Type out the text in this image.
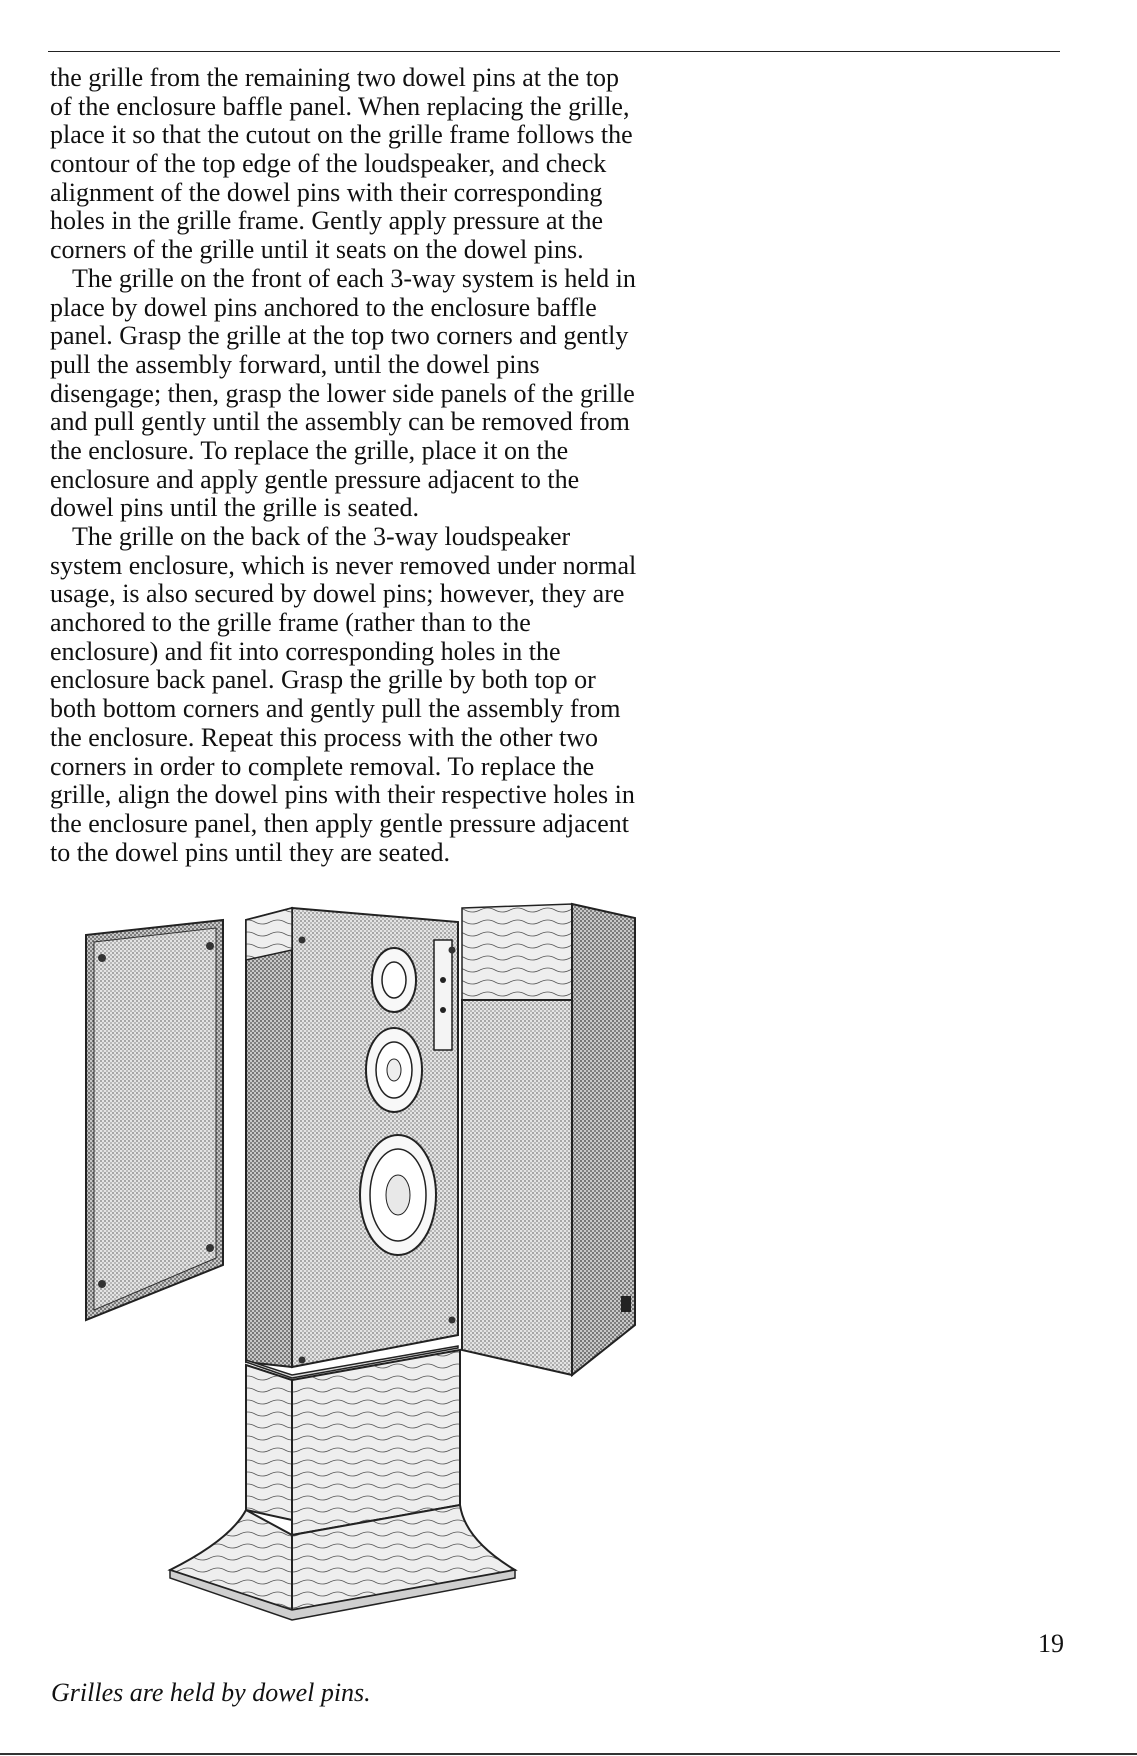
the grille from the remaining two dowel pins at the top
of the enclosure baffle panel. When replacing the grille,
place it so that the cutout on the grille frame follows the
contour of the top edge of the loudspeaker, and check
alignment of the dowel pins with their corresponding
holes in the grille frame. Gently apply pressure at the
corners of the grille until it seats on the dowel pins.
The grille on the front of each 3-way system is held in
place by dowel pins anchored to the enclosure baffle
panel. Grasp the grille at the top two corners and gently
pull the assembly forward, until the dowel pins
disengage; then, grasp the lower side panels of the grille
and pull gently until the assembly can be removed from
the enclosure. To replace the grille, place it on the
enclosure and apply gentle pressure adjacent to the
dowel pins until the grille is seated.
The grille on the back of the 3-way loudspeaker
system enclosure, which is never removed under normal
usage, is also secured by dowel pins; however, they are
anchored to the grille frame (rather than to the
enclosure) and fit into corresponding holes in the
enclosure back panel. Grasp the grille by both top or
both bottom corners and gently pull the assembly from
the enclosure. Repeat this process with the other two
corners in order to complete removal. To replace the
grille, align the dowel pins with their respective holes in
the enclosure panel, then apply gentle pressure adjacent
to the dowel pins until they are seated.
Grilles are held by dowel pins.
19
